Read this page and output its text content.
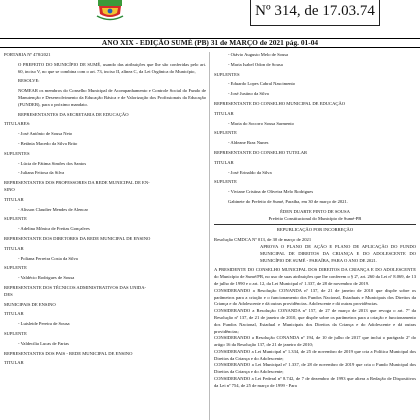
Nº 314, de 17.03.74
ANO XIX - EDIÇÃO SUMÉ (PB) 31 de MARÇO de 2021 pág. 01-04

PORTARIA Nº 478/2021

O PREFEITO DO MUNICÍPIO DE SUMÉ, usando das atribuições que lhe são conferidas pelo art. 60, inciso V, no que se combina com o art. 73, inciso II, alínea C, da Lei Orgânica do Município,

RESOLVE:

NOMEAR os membros do Conselho Municipal de Acompanhamento e Controle Social do Fundo de Manutenção e Desenvolvimento da Educação Básica e de Valorização dos Profissionais da Educação (FUNDEB), para o próximo mandato.

REPRESENTANTES DA SECRETARIA DE EDUCAÇÃO

TITULARES:

- José Antônio de Sousa Neto

- Betânia Macedo da Silva Brito

SUPLENTES

- Lúcia de Fátima Simões dos Santos

- Juliana Feitosa da Silva

REPRESENTANTES DOS PROFESSORES DA REDE MUNICIPAL DE EN-

SINO

TITULAR

- Alisson Claudier Mendes de Alencar

SUPLENTE

- Adelina Mônica de Freitas Gonçalves

REPRESENTANTE DOS DIRETORES DA REDE MUNICIPAL DE ENSINO

TITULAR

- Poliana Ferreira Costa da Silva

SUPLENTE

- Valdécio Rodrigues de Sousa

REPRESENTANTE DOS TÉCNICOS ADMINISTRATIVOS DAS UNIDA-

DES

MUNICIPAIS DE ENSINO

TITULAR

- Luisleide Pereira de Sousa

SUPLENTE

- Valdecilia Lucas de Farias

REPRESENTANTES DOS PAIS - REDE MUNICIPAL DE ENSINO

TITULAR

- Otávio Augusto Melo de Sousa

- Maria Isabel Odon de Sousa

SUPLENTES

- Eduardo Lopes Cabral Nascimento

- José Justino da Silva

REPRESENTANTE DO CONSELHO MUNICIPAL DE EDUCAÇÃO

TITULAR

- Maria do Socorro Sousa Sarmento

SUPLENTE

- Aldeane Braz Nunes

REPRESENTANTE DO CONSELHO TUTELAR

TITULAR

- José Erinaldo da Silva

SUPLENTE

- Viviane Cristina de Oliveira Melo Rodrigues

Gabinete do Prefeito de Sumé, Paraíba, em 30 de março de 2021.

ÉDEN DUARTE PINTO DE SOUSA

Prefeito Constitucional do Município de Sumé-PB

REPUBLICAÇÃO POR INCORREÇÃO

Resolução CMDCA Nº 013, de 30 de março de 2021

APROVA O PLANO DE AÇÃO E PLANO DE APLICAÇÃO DO FUNDO MUNICIPAL DE DIREITOS DA CRIANÇA E DO ADOLESCENTE DO MUNICÍPIO DE SUMÉ - PARAÍBA, PARA O ANO DE 2021.

A PRESIDENTE DO CONSELHO MUNICIPAL DOS DIREITOS DA CRIANÇA E DO ADOLESCENTE do Município de Sumé/PB, no uso de suas atribuições que lhe conferem o § 2º, art. 260 da Lei nº 8.069, de 13 de julho de 1990 e o art. 12, da Lei Municipal nº 1.337, de 28 de novembro de 2019.

CONSIDERANDO a Resolução CONANDA nº 137, de 21 de janeiro de 2010 que dispõe sobre os parâmetros para a criação e o funcionamento dos Fundos Nacional, Estaduais e Municipais dos Direitos da Criança e do Adolescente e dá outras providências. Adolescente e dá outras providências.

CONSIDERANDO a Resolução CONANDA nº 157, de 27 de março de 2013 que revoga o art. 7º da Resolução nº 137, de 21 de janeiro de 2010, que dispõe sobre os parâmetros para a criação e funcionamento dos Fundos Nacional, Estadual e Municipais dos Direitos da Criança e do Adolescente e dá outras providências;

CONSIDERANDO a Resolução CONANDA nº 194, de 10 de julho de 2017 que inclui o parágrafo 2º do artigo 16 da Resolução 137, de 21 de janeiro de 2010;

CONSIDERANDO a Lei Municipal nº 1.334, de 25 de novembro de 2019 que cria a Política Municipal dos Direitos da Criança e do Adolescente;

CONSIDERANDO a Lei Municipal nº 1.337, de 28 de novembro de 2019 que cria o Fundo Municipal dos Direitos da Criança e do Adolescente;

CONSIDERANDO a Lei Federal nº 8.742, de 7 de dezembro de 1993 que altera a Redação de Dispositivos da Lei nº 754, de 25 de março de 1999 - Para
